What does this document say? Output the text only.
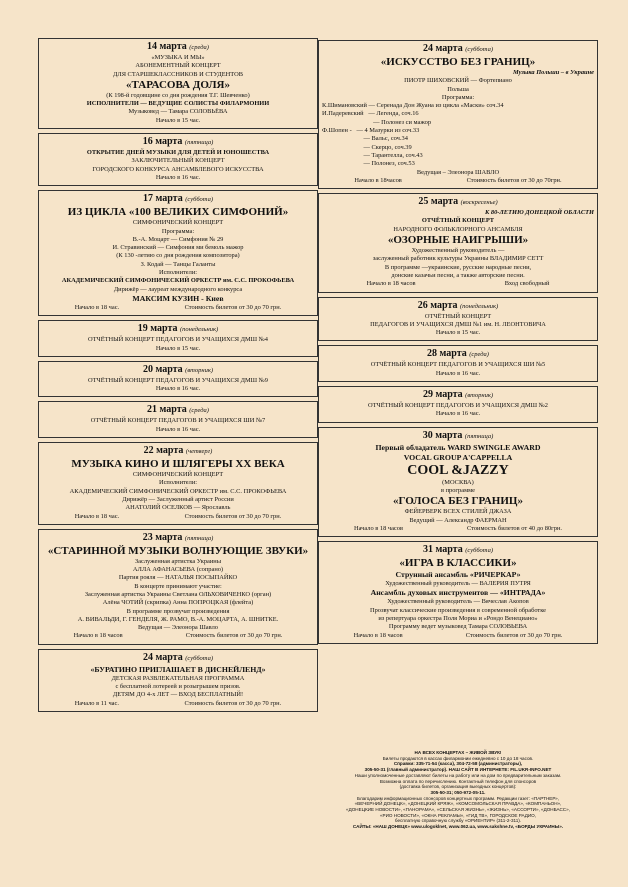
14 марта (среда)
«МУЗЫКА И МЫ»
АБОНЕМЕНТНЫЙ КОНЦЕРТ
ДЛЯ СТАРШЕКЛАССНИКОВ И СТУДЕНТОВ
«ТАРАСОВА ДОЛЯ»
(К 198-й годовщине со дня рождения Т.Г. Шевченко)
ИСПОЛНИТЕЛИ — ВЕДУЩИЕ СОЛИСТЫ ФИЛАРМОНИИ
Музыковед — Тамара СОЛОВЬЁВА
Начало в 15 час.
16 марта (пятница)
ОТКРЫТИЕ ДНЕЙ МУЗЫКИ ДЛЯ ДЕТЕЙ И ЮНОШЕСТВА
ЗАКЛЮЧИТЕЛЬНЫЙ КОНЦЕРТ
ГОРОДСКОГО КОНКУРСА АНСАМБЛЕВОГО ИСКУССТВА
Начало в 16 час.
17 марта (суббота)
ИЗ ЦИКЛА «100 ВЕЛИКИХ СИМФОНИЙ»
СИМФОНИЧЕСКИЙ КОНЦЕРТ
Программа:
В.-А. Моцарт — Симфония № 29
И. Стравинский — Симфония ми бемоль мажор
(К 130 -летию со дня рождения композитора)
З. Кодай — Танцы Галанты
Исполнители:
АКАДЕМИЧЕСКИЙ СИМФОНИЧЕСКИЙ ОРКЕСТР им. С.С. ПРОКОФЬЕВА
Дирижёр — лауреат международного конкурса
МАКСИМ КУЗИН - Киев
Начало в 18 час.	Стоимость билетов от 30 до 70 грн.
19 марта (понедельник)
ОТЧЁТНЫЙ КОНЦЕРТ ПЕДАГОГОВ И УЧАЩИХСЯ ДМШ №4
Начало в 15 час.
20 марта (вторник)
ОТЧЁТНЫЙ КОНЦЕРТ ПЕДАГОГОВ И УЧАЩИХСЯ ДМШ №9
Начало в 16 час.
21 марта (среда)
ОТЧЁТНЫЙ КОНЦЕРТ ПЕДАГОГОВ И УЧАЩИХСЯ ШИ №7
Начало в 16 час.
22 марта (четверг)
МУЗЫКА КИНО И ШЛЯГЕРЫ XX ВЕКА
СИМФОНИЧЕСКИЙ КОНЦЕРТ
Исполнители:
АКАДЕМИЧЕСКИЙ СИМФОНИЧЕСКИЙ ОРКЕСТР им. С.С. ПРОКОФЬЕВА
Дирижёр — Заслуженный артист России
АНАТОЛИЙ ОСЕЛКОВ — Ярославль
Начало в 18 час.	Стоимость билетов от 30 до 70 грн.
23 марта (пятница)
«СТАРИННОЙ МУЗЫКИ ВОЛНУЮЩИЕ ЗВУКИ»
Заслуженная артистка Украины
АЛЛА АФАНАСЬЕВА (сопрано)
Партия рояля — НАТАЛЬЯ ПОСЫПАЙКО
В концерте принимают участие:
Заслуженная артистка Украины Светлана ОЛЬХОВИЧЕНКО (орган)
Алёна ЧОТИЙ (скрипка) Анна ПОПРОЦКАЯ (флейта)
В программе прозвучат произведения
А. ВИВАЛЬДИ, Г. ГЕНДЕЛЯ, Ж. РАМО, В.-А. МОЦАРТА, А. ШНИТКЕ.
Ведущая — Элеонора Шавло
Начало в 18 часов	Стоимость билетов от 30 до 70 грн.
24 марта (суббота)
«БУРАТИНО ПРИГЛАШАЕТ В ДИСНЕЙЛЕНД»
ДЕТСКАЯ РАЗВЛЕКАТЕЛЬНАЯ ПРОГРАММА
с бесплатной лотереей и розыгрышем призов.
ДЕТЯМ ДО 4-х ЛЕТ — ВХОД БЕСПЛАТНЫЙ!
Начало в 11 час.	Стоимость билетов от 30 до 70 грн.
24 марта (суббота)
«ИСКУССТВО БЕЗ ГРАНИЦ»
Музыка Польши – в Украине
ПИОТР ШИХОВСКИЙ — Фортепиано
Польша
Программа:
К.Шимановский — Серенада Дон Жуана из цикла «Маски» соч.34
И.Падеревский   — Легенда, соч.16
— Полонез си мажор
Ф.Шопен -   — 4 Мазурки из соч.33
— Вальс, соч.34
— Скерцо, соч.39
— Тарантелла, соч.43
— Полонез, соч.53
Ведущая – Элеонора ШАВЛО
Начало в 18часов	Стоимость билетов от 30 до 70грн.
25 марта (воскресенье)
К 80-ЛЕТИЮ ДОНЕЦКОЙ ОБЛАСТИ
ОТЧЁТНЫЙ КОНЦЕРТ
НАРОДНОГО ФОЛЬКЛОРНОГО АНСАМБЛЯ
«ОЗОРНЫЕ НАИГРЫШИ»
Художественный руководитель —
заслуженный работник культуры Украины ВЛАДИМИР СЕТТ
В программе —украинские, русские народные песни,
донские казачьи песни, а также авторские песни.
Начало в 18 часов	Вход свободный
26 марта (понедельник)
ОТЧЁТНЫЙ КОНЦЕРТ
ПЕДАГОГОВ И УЧАЩИХСЯ ДМШ №1 им. Н. ЛЕОНТОВИЧА
Начало в 15 час.
28 марта (среда)
ОТЧЁТНЫЙ КОНЦЕРТ ПЕДАГОГОВ И УЧАЩИХСЯ ШИ №5
Начало в 16 час.
29 марта (вторник)
ОТЧЁТНЫЙ КОНЦЕРТ ПЕДАГОГОВ И УЧАЩИХСЯ ДМШ №2
Начало в 16 час.
30 марта (пятница)
Первый обладатель WARD SWINGLE AWARD
VOCAL GROUP A'CAPPELLA
COOL &JAZZY
(МОСКВА)
в программе
«ГОЛОСА БЕЗ ГРАНИЦ»
ФЕЙЕРВЕРК ВСЕХ СТИЛЕЙ ДЖАЗА
Ведущий — Александр ФАЕРМАН
Начало в 18 часов	Стоимость билетов от 40 до 80грн.
31 марта (суббота)
«ИГРА В КЛАССИКИ»
Струнный ансамбль «РИЧЕРКАР»
Художественный руководитель — ВАЛЕРИЯ ПУТРЯ
Ансамбль духовых инструментов — «ИНТРАДА»
Художественный руководитель — Вячеслав Акопов
Прозвучат классические произведения в современной обработке
из репертуара оркестра Поля Мориа и «Рондо Венециано»
Программу ведет музыковед Тамара СОЛОВЬЕВА
Начало в 18 часов	Стоимость билетов от 30 до 70 грн.
НА ВСЕХ КОНЦЕРТАХ – ЖИВОЙ ЗВУК!
Билеты продаются в кассах филармонии ежедневно с 10 до 18 часов.
Справки: 335-71-54 (касса), 304-72-58 (администраторы),
305-50-31 (главный администратор). НАШ САЙТ В ИНТЕРНЕТЕ: FIL.UKR-INFO.NET
Наши уполномоченные доставляют билеты на работу или на дом по предварительным заказам.
Возможна оплата по перечислению. Контактный телефон для спонсоров
(доставка билетов, организация выездных концертов):
305-50-31; 050-972-05-11.
Благодарим информационных спонсоров концертных программ. Редакции газет: «ПАРТНЕР»,
«ВЕЧЕРНИЙ ДОНЕЦК», «ДОНЕЦКИЙ КРЯЖ», «КОМСОМОЛЬСКАЯ ПРАВДА», «КОМПАНЬОН»,
«ДОНЕЦКИЕ НОВОСТИ», «ПАНОРАМА», «СЕЛЬСКАЯ ЖИЗНЬ», «ЖИЗНЬ», «АССОРТИ», «ДОНБАСС»,
«РИО НОВОСТИ», «ОКНА РЕКЛАМЫ», «ГИД ТВ», ГОРОДСКОЕ РАДИО,
бесплатную справочную службу «ОРИЕНТИР» (311-2-311).
САЙТЫ: «НАШ ДОНЕЦК» www.ulogoklnet, www.062.ua, www.sakshne.tv, «БОРДЫ УКРАИНЫ».
